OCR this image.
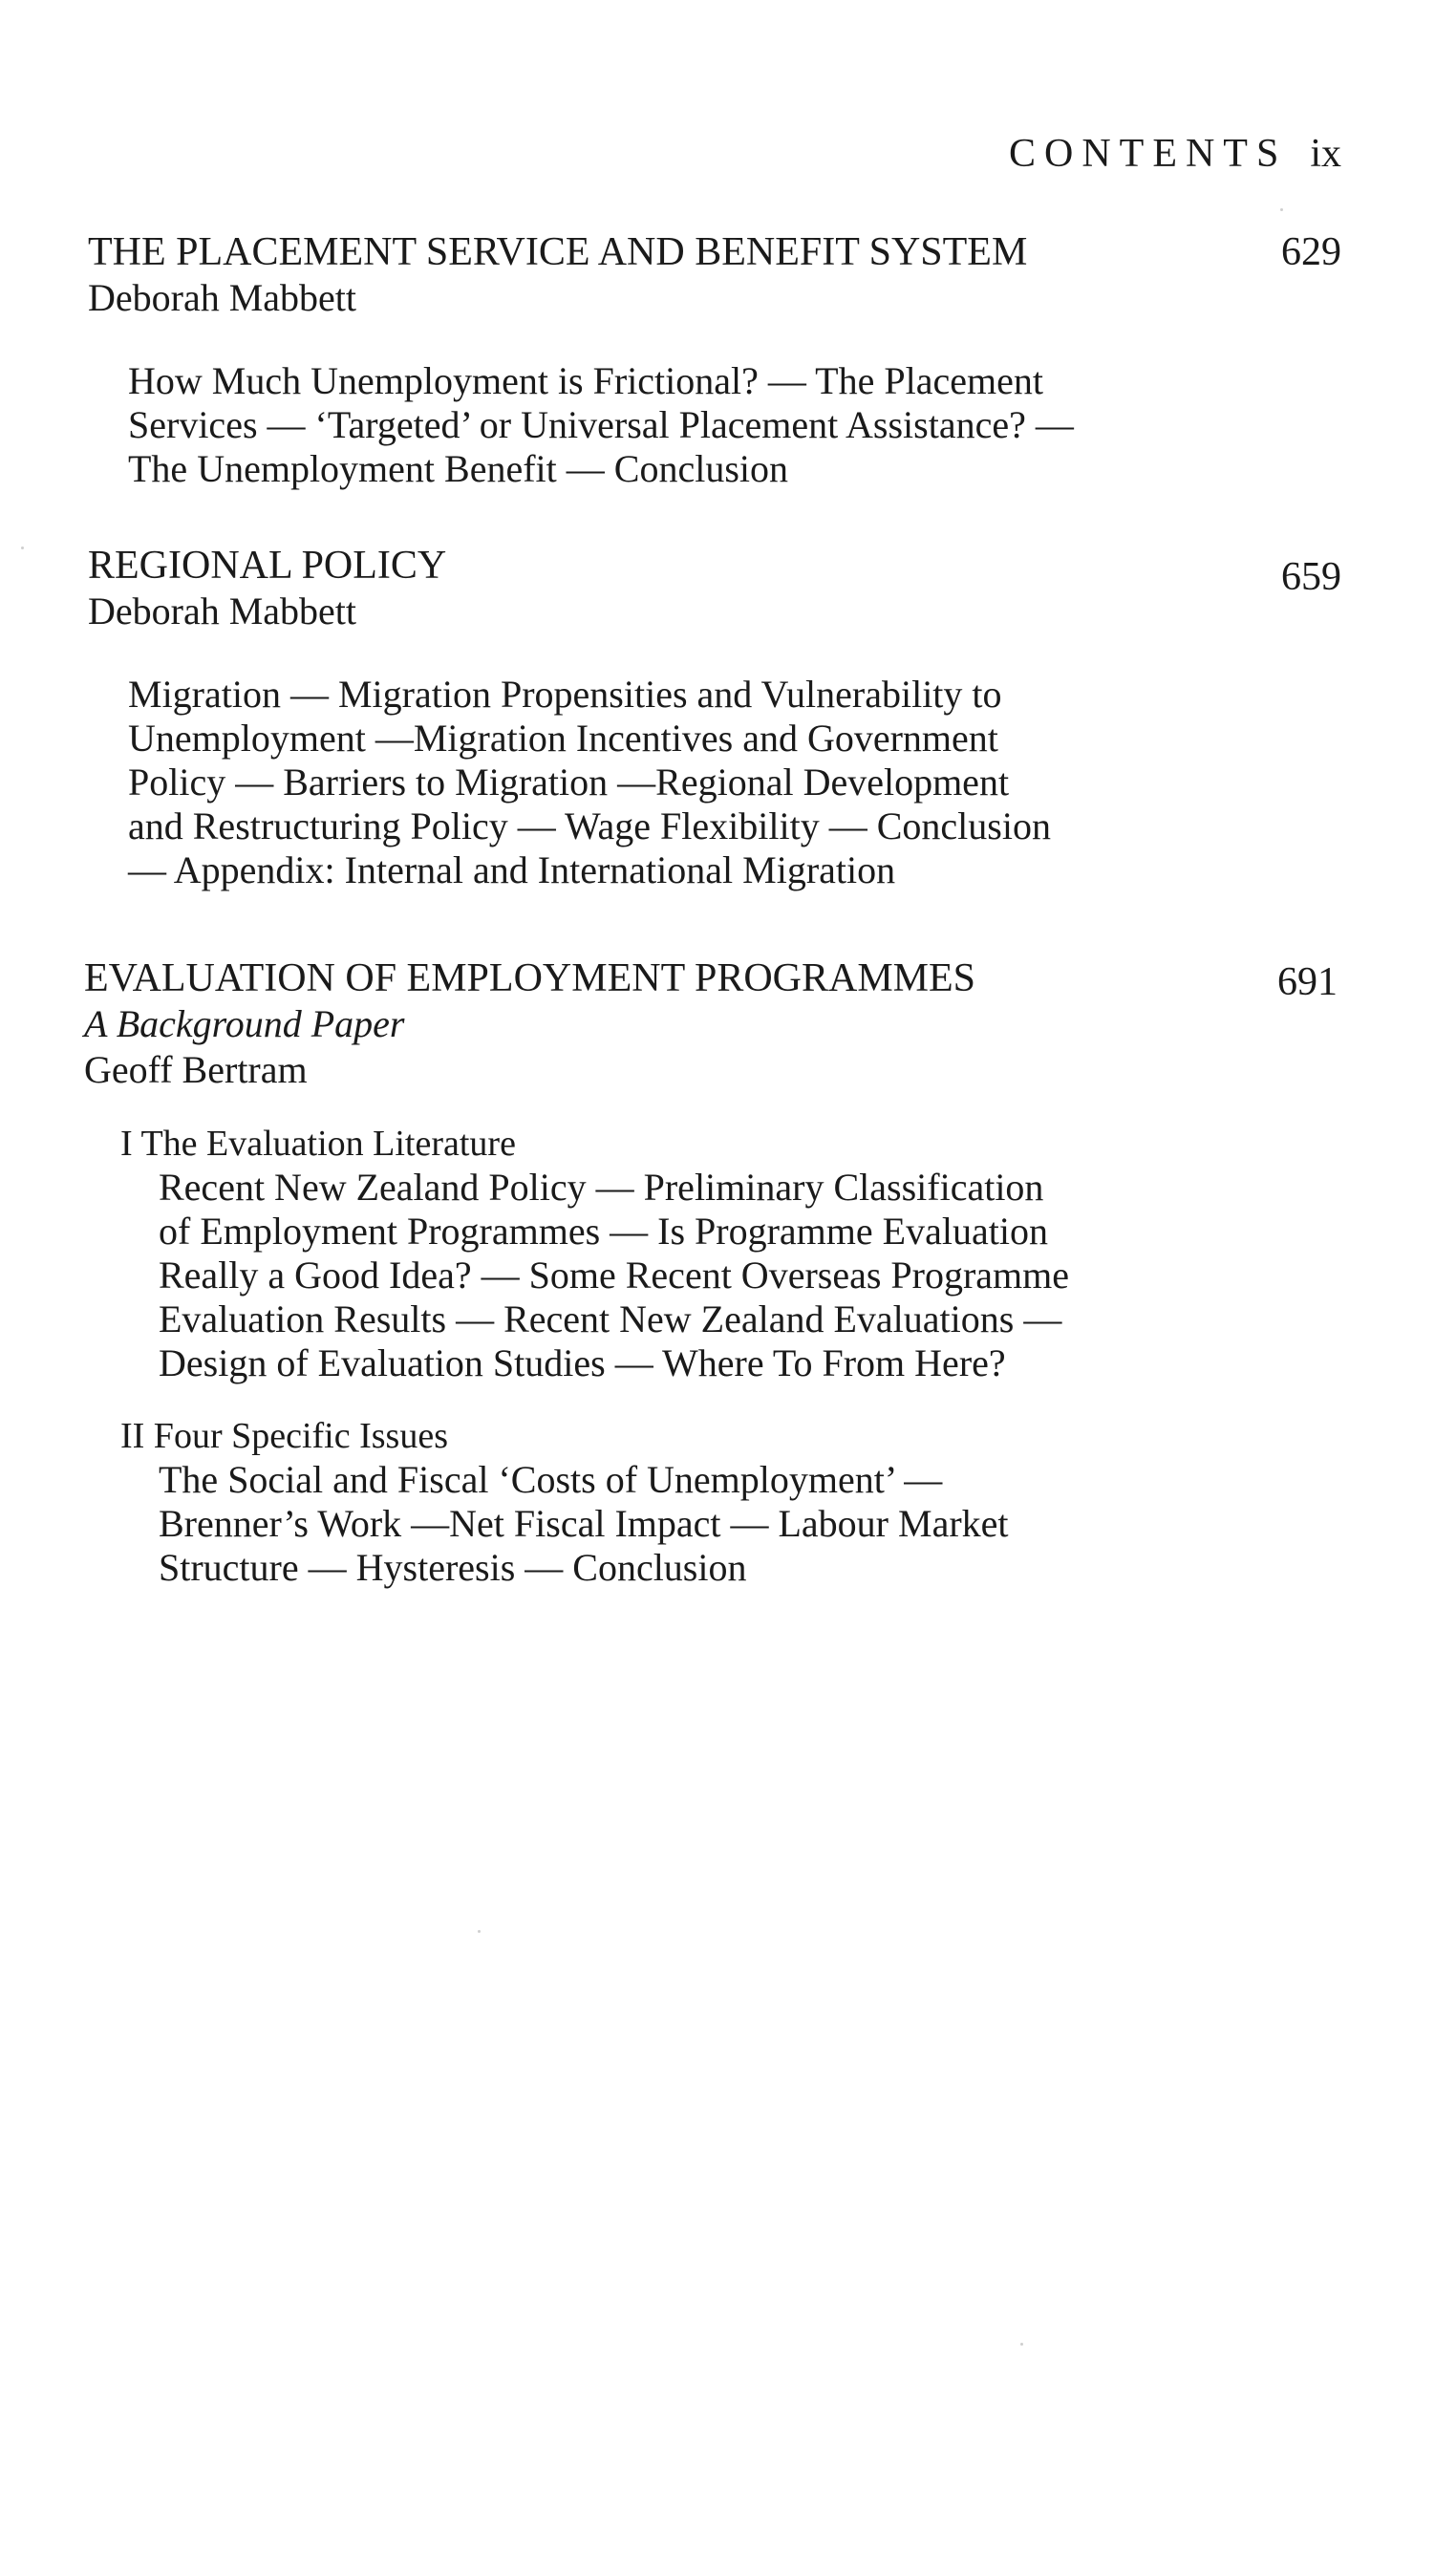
CONTENTS ix
THE PLACEMENT SERVICE AND BENEFIT SYSTEM	629
Deborah Mabbett
How Much Unemployment is Frictional? — The Placement
Services — ‘Targeted’ or Universal Placement Assistance? —
The Unemployment Benefit — Conclusion
REGIONAL POLICY	659
Deborah Mabbett
Migration — Migration Propensities and Vulnerability to
Unemployment —Migration Incentives and Government
Policy — Barriers to Migration —Regional Development
and Restructuring Policy — Wage Flexibility — Conclusion
— Appendix: Internal and International Migration
EVALUATION OF EMPLOYMENT PROGRAMMES	691
A Background Paper
Geoff Bertram
I The Evaluation Literature
Recent New Zealand Policy — Preliminary Classification
of Employment Programmes — Is Programme Evaluation
Really a Good Idea? — Some Recent Overseas Programme
Evaluation Results — Recent New Zealand Evaluations —
Design of Evaluation Studies — Where To From Here?
II Four Specific Issues
The Social and Fiscal ‘Costs of Unemployment’ —
Brenner’s Work —Net Fiscal Impact — Labour Market
Structure — Hysteresis — Conclusion
